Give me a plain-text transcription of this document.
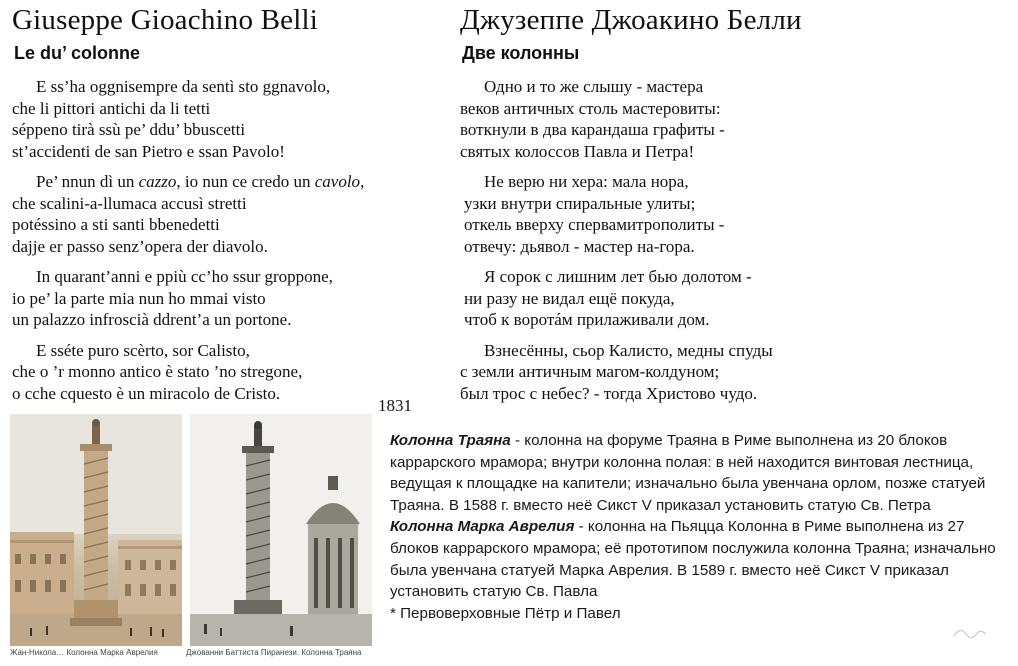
Giuseppe Gioachino Belli
Le du’ colonne
E ss’ha oggnisempre da sentì sto ggnavolo,
che li pittori antichi da li tetti
séppeno tirà ssù pe’ ddu’ bbuscetti
st’accidenti de san Pietro e ssan Pavolo!
Pe’ nnun dì un cazzo, io nun ce credo un cavolo,
che scalini-a-llumaca accusì stretti
potéssino a sti santi bbenedetti
dajje er passo senz’opera der diavolo.
In quarant’anni e ppiù cc’ho ssur groppone,
io pe’ la parte mia nun ho mmai visto
un palazzo infroscià ddrent’a un portone.
E sséte puro scèrto, sor Calisto,
che o ’r monno antico è stato ’no stregone,
o cche cquesto è un miracolo de Cristo.
1831
Джузеппе Джоакино Белли
Две колонны
Одно и то же слышу - мастера
веков античных столь мастеровиты:
воткнули в два карандаша графиты -
святых колоссов Павла и Петра!
Не верю ни хера: мала нора,
узки внутри спиральные улиты;
откель вверху спервамитрополиты -
отвечу: дьявол - мастер на-гора.
Я сорок с лишним лет бью долотом -
ни разу не видал ещё покуда,
чтоб к воротáм прилаживали дом.
Взнесённы, сьор Калисто, медны спуды
с земли античным магом-колдуном;
был трос с небес? - тогда Христово чудо.
Жан-Никола… Колонна Марка Аврелия	Джованни Баттиста Пиранези. Колонна Траяна

Колонна Траяна - колонна на форуме Траяна в Риме выполнена из 20 блоков каррарского мрамора; внутри колонна полая: в ней находится винтовая лестница, ведущая к площадке на капители; изначально была увенчана орлом, позже статуей Траяна. В 1588 г. вместо неё Сикст V приказал установить статую Св. Петра

Колонна Марка Аврелия - колонна на Пьяцца Колонна в Риме выполнена из 27 блоков каррарского мрамора; её прототипом послужила колонна Траяна; изначально была увенчана статуей Марка Аврелия. В 1589 г. вместо неё Сикст V приказал установить статую Св. Павла

* Первоверховные Пётр и Павел
